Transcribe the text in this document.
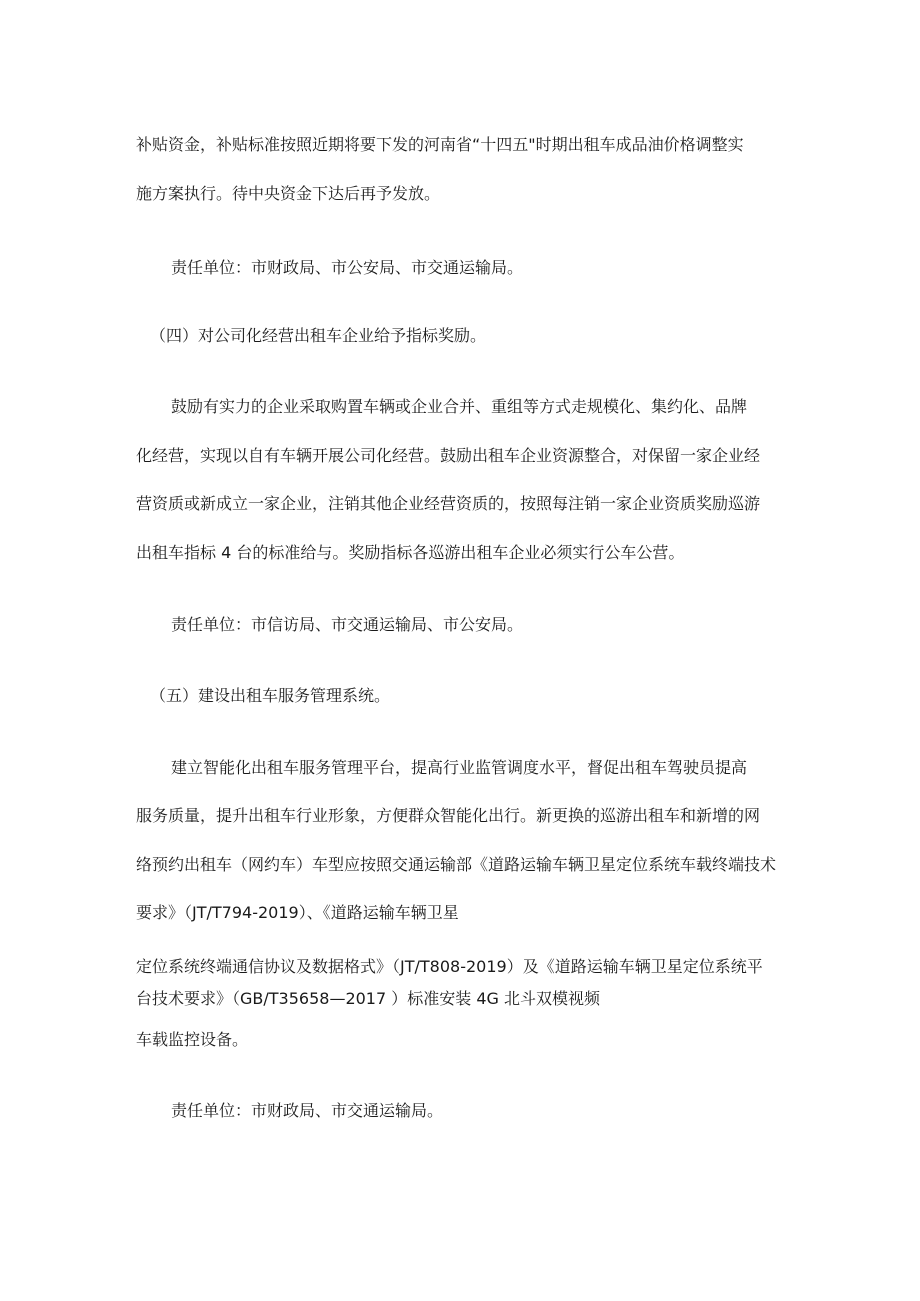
补贴资金，补贴标准按照近期将要下发的河南省“十四五"时期出租车成品油价格调整实
施方案执行。待中央资金下达后再予发放。
责任单位：市财政局、市公安局、市交通运输局。
（四）对公司化经营出租车企业给予指标奖励。
鼓励有实力的企业采取购置车辆或企业合并、重组等方式走规模化、集约化、品牌
化经营，实现以自有车辆开展公司化经营。鼓励出租车企业资源整合，对保留一家企业经
营资质或新成立一家企业，注销其他企业经营资质的，按照每注销一家企业资质奖励巡游
出租车指标 4 台的标准给与。奖励指标各巡游出租车企业必须实行公车公营。
责任单位：市信访局、市交通运输局、市公安局。
（五）建设出租车服务管理系统。
建立智能化出租车服务管理平台，提高行业监管调度水平，督促出租车驾驶员提高
服务质量，提升出租车行业形象，方便群众智能化出行。新更换的巡游出租车和新增的网
络预约出租车（网约车）车型应按照交通运输部《道路运输车辆卫星定位系统车载终端技术
要求》（JT/T794-2019）、《道路运输车辆卫星
定位系统终端通信协议及数据格式》（JT/T808-2019）及《道路运输车辆卫星定位系统平
台技术要求》（GB/T35658—2017 ）标准安装 4G 北斗双模视频
车载监控设备。
责任单位：市财政局、市交通运输局。
